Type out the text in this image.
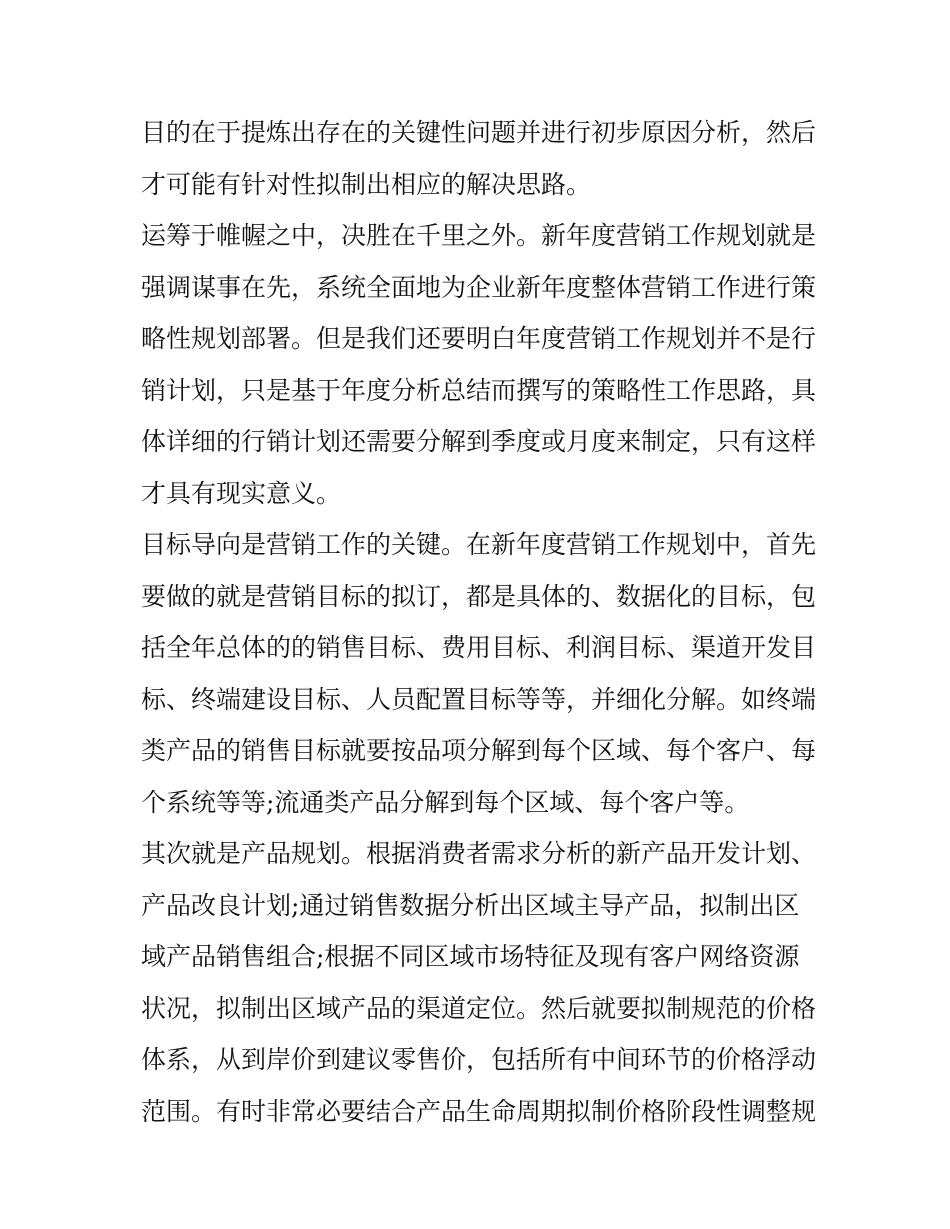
目的在于提炼出存在的关键性问题并进行初步原因分析，然后
才可能有针对性拟制出相应的解决思路。
运筹于帷幄之中，决胜在千里之外。新年度营销工作规划就是
强调谋事在先，系统全面地为企业新年度整体营销工作进行策
略性规划部署。但是我们还要明白年度营销工作规划并不是行
销计划，只是基于年度分析总结而撰写的策略性工作思路，具
体详细的行销计划还需要分解到季度或月度来制定，只有这样
才具有现实意义。
目标导向是营销工作的关键。在新年度营销工作规划中，首先
要做的就是营销目标的拟订，都是具体的、数据化的目标，包
括全年总体的的销售目标、费用目标、利润目标、渠道开发目
标、终端建设目标、人员配置目标等等，并细化分解。如终端
类产品的销售目标就要按品项分解到每个区域、每个客户、每
个系统等等;流通类产品分解到每个区域、每个客户等。
其次就是产品规划。根据消费者需求分析的新产品开发计划、
产品改良计划;通过销售数据分析出区域主导产品，拟制出区
域产品销售组合;根据不同区域市场特征及现有客户网络资源
状况，拟制出区域产品的渠道定位。然后就要拟制规范的价格
体系，从到岸价到建议零售价，包括所有中间环节的价格浮动
范围。有时非常必要结合产品生命周期拟制价格阶段性调整规
